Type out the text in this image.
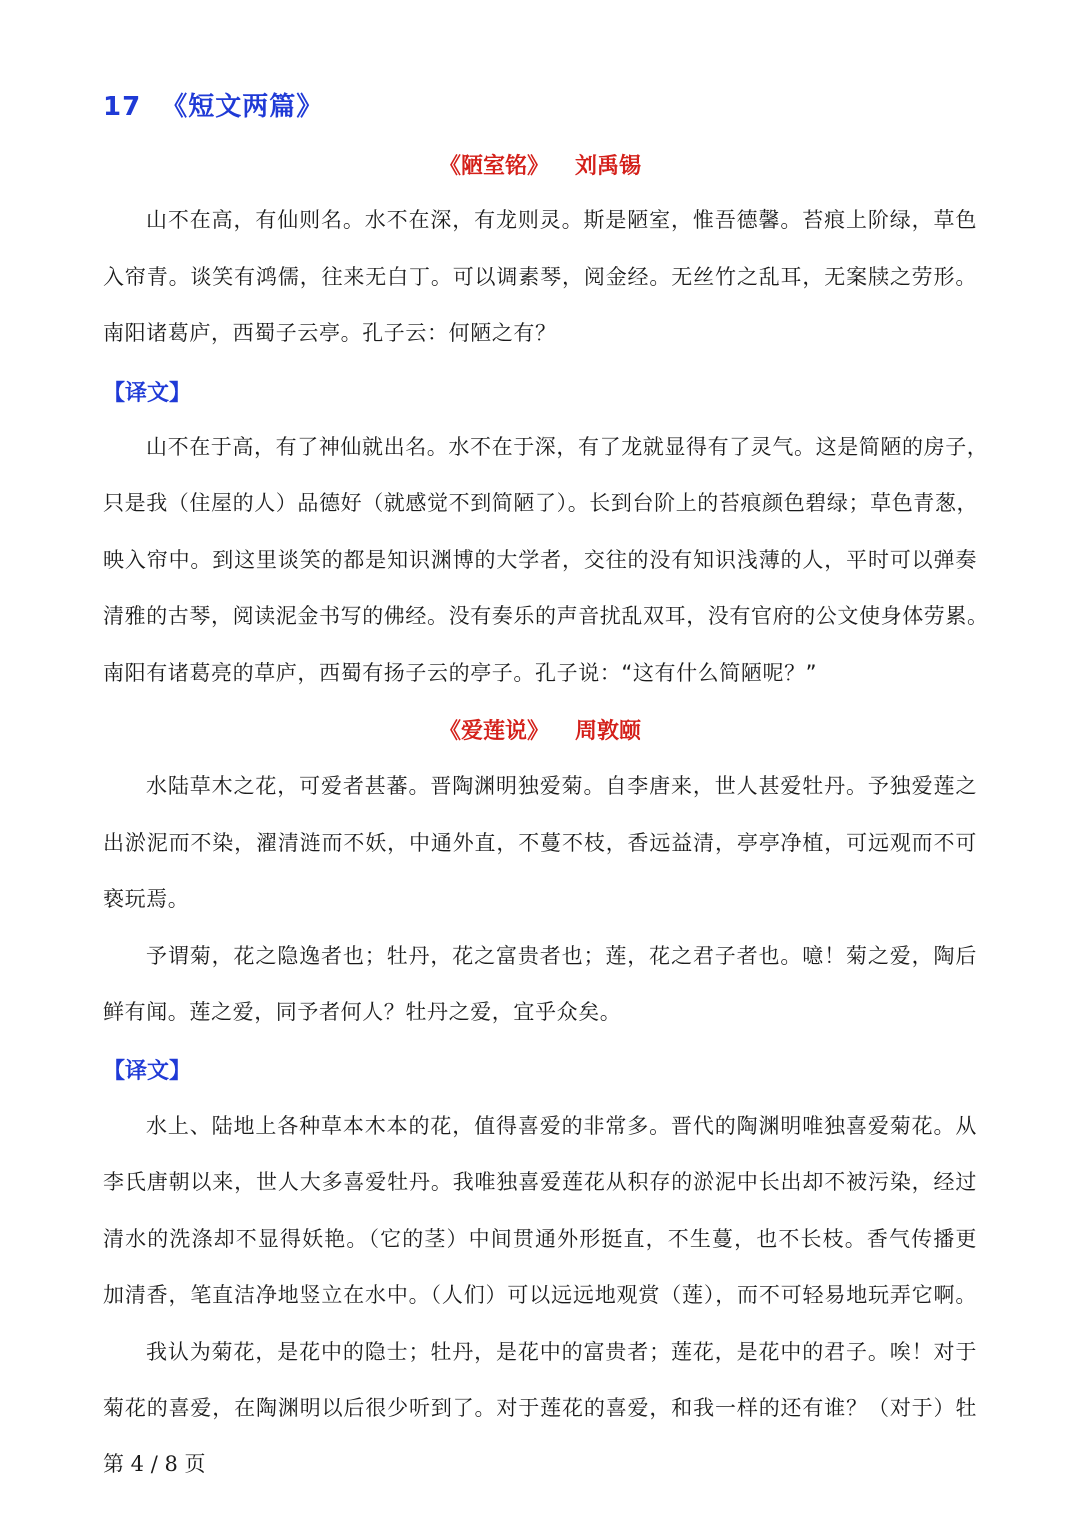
17 《短文两篇》
《陋室铭》 刘禹锡
山不在高，有仙则名。水不在深，有龙则灵。斯是陋室，惟吾德馨。苔痕上阶绿，草色
入帘青。谈笑有鸿儒，往来无白丁。可以调素琴，阅金经。无丝竹之乱耳，无案牍之劳形。
南阳诸葛庐，西蜀子云亭。孔子云：何陋之有？
【译文】
山不在于高，有了神仙就出名。水不在于深，有了龙就显得有了灵气。这是简陋的房子，
只是我（住屋的人）品德好（就感觉不到简陋了）。长到台阶上的苔痕颜色碧绿；草色青葱，
映入帘中。到这里谈笑的都是知识渊博的大学者，交往的没有知识浅薄的人，平时可以弹奏
清雅的古琴，阅读泥金书写的佛经。没有奏乐的声音扰乱双耳，没有官府的公文使身体劳累。
南阳有诸葛亮的草庐，西蜀有扬子云的亭子。孔子说：“这有什么简陋呢？”
《爱莲说》 周敦颐
水陆草木之花，可爱者甚蕃。晋陶渊明独爱菊。自李唐来，世人甚爱牡丹。予独爱莲之
出淤泥而不染，濯清涟而不妖，中通外直，不蔓不枝，香远益清，亭亭净植，可远观而不可
亵玩焉。
予谓菊，花之隐逸者也；牡丹，花之富贵者也；莲，花之君子者也。噫！菊之爱，陶后
鲜有闻。莲之爱，同予者何人？牡丹之爱，宜乎众矣。
【译文】
水上、陆地上各种草本木本的花，值得喜爱的非常多。晋代的陶渊明唯独喜爱菊花。从
李氏唐朝以来，世人大多喜爱牡丹。我唯独喜爱莲花从积存的淤泥中长出却不被污染，经过
清水的洗涤却不显得妖艳。（它的茎）中间贯通外形挺直，不生蔓，也不长枝。香气传播更
加清香，笔直洁净地竖立在水中。（人们）可以远远地观赏（莲），而不可轻易地玩弄它啊。
我认为菊花，是花中的隐士；牡丹，是花中的富贵者；莲花，是花中的君子。唉！对于
菊花的喜爱，在陶渊明以后很少听到了。对于莲花的喜爱，和我一样的还有谁？（对于）牡
第 4 / 8 页
